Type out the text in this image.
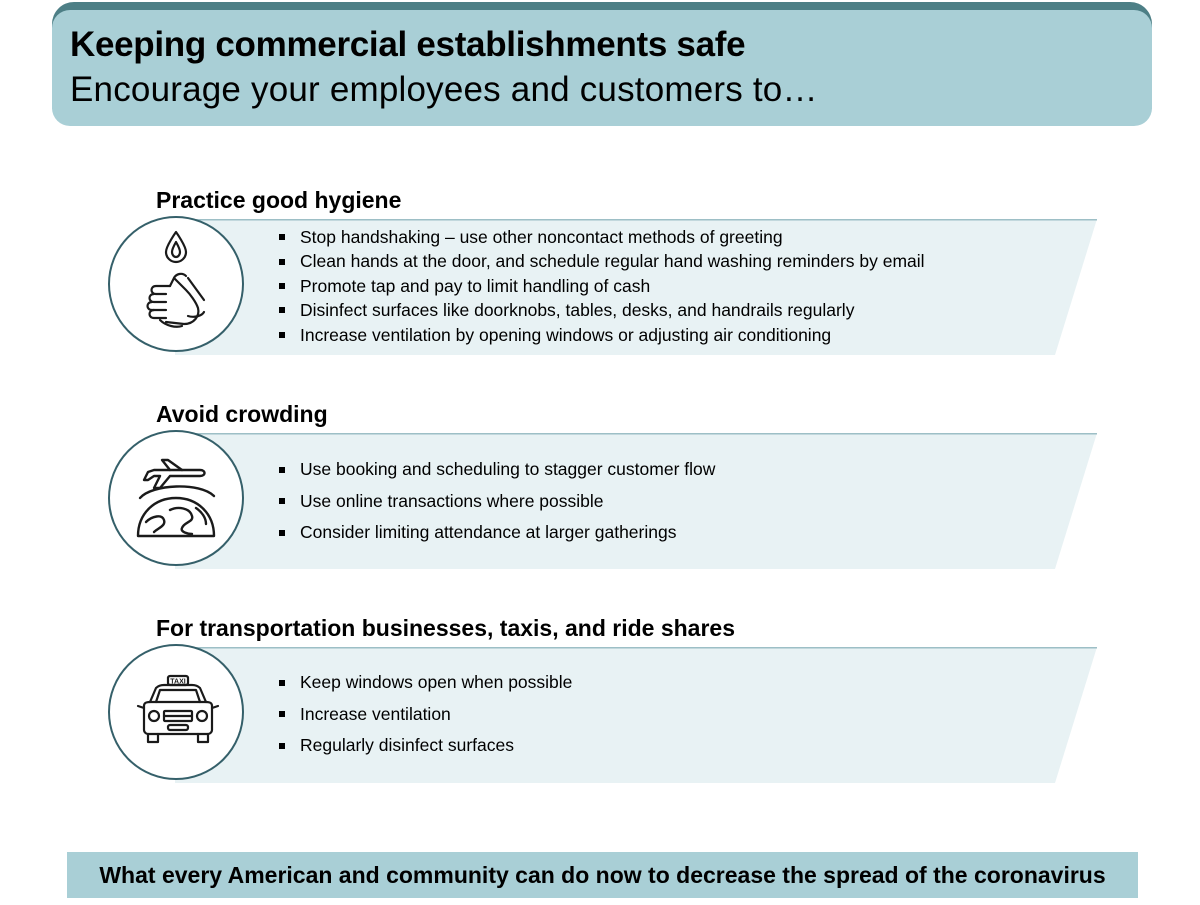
Keeping commercial establishments safe
Encourage your employees and customers to…
Practice good hygiene
Stop handshaking – use other noncontact methods of greeting
Clean hands at the door, and schedule regular hand washing reminders by email
Promote tap and pay to limit handling of cash
Disinfect surfaces like doorknobs, tables, desks, and handrails regularly
Increase ventilation by opening windows or adjusting air conditioning
Avoid crowding
Use booking and scheduling to stagger customer flow
Use online transactions where possible
Consider limiting attendance at larger gatherings
For transportation businesses, taxis, and ride shares
TAXI	Keep windows open when possible
Increase ventilation
Regularly disinfect surfaces
What every American and community can do now to decrease the spread of the coronavirus
